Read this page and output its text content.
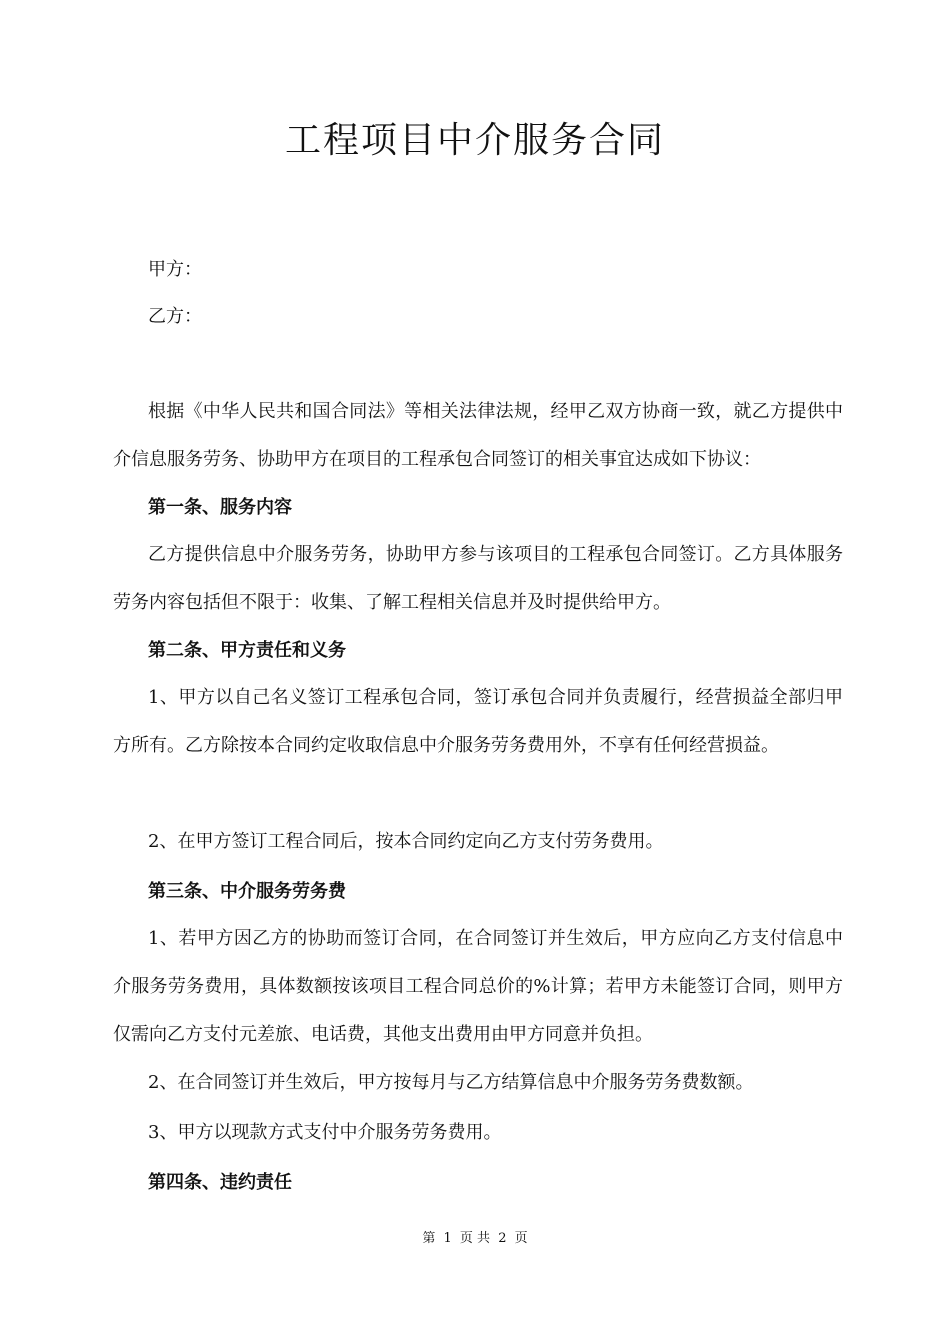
工程项目中介服务合同

甲方：

乙方：

根据《中华人民共和国合同法》等相关法律法规，经甲乙双方协商一致，就乙方提供中介信息服务劳务、协助甲方在项目的工程承包合同签订的相关事宜达成如下协议：

第一条、服务内容

乙方提供信息中介服务劳务，协助甲方参与该项目的工程承包合同签订。乙方具体服务劳务内容包括但不限于：收集、了解工程相关信息并及时提供给甲方。

第二条、甲方责任和义务

1、甲方以自己名义签订工程承包合同，签订承包合同并负责履行，经营损益全部归甲方所有。乙方除按本合同约定收取信息中介服务劳务费用外，不享有任何经营损益。

2、在甲方签订工程合同后，按本合同约定向乙方支付劳务费用。

第三条、中介服务劳务费

1、若甲方因乙方的协助而签订合同，在合同签订并生效后，甲方应向乙方支付信息中介服务劳务费用，具体数额按该项目工程合同总价的%计算；若甲方未能签订合同，则甲方仅需向乙方支付元差旅、电话费，其他支出费用由甲方同意并负担。

2、在合同签订并生效后，甲方按每月与乙方结算信息中介服务劳务费数额。

3、甲方以现款方式支付中介服务劳务费用。

第四条、违约责任

第 1 页 共 2 页
